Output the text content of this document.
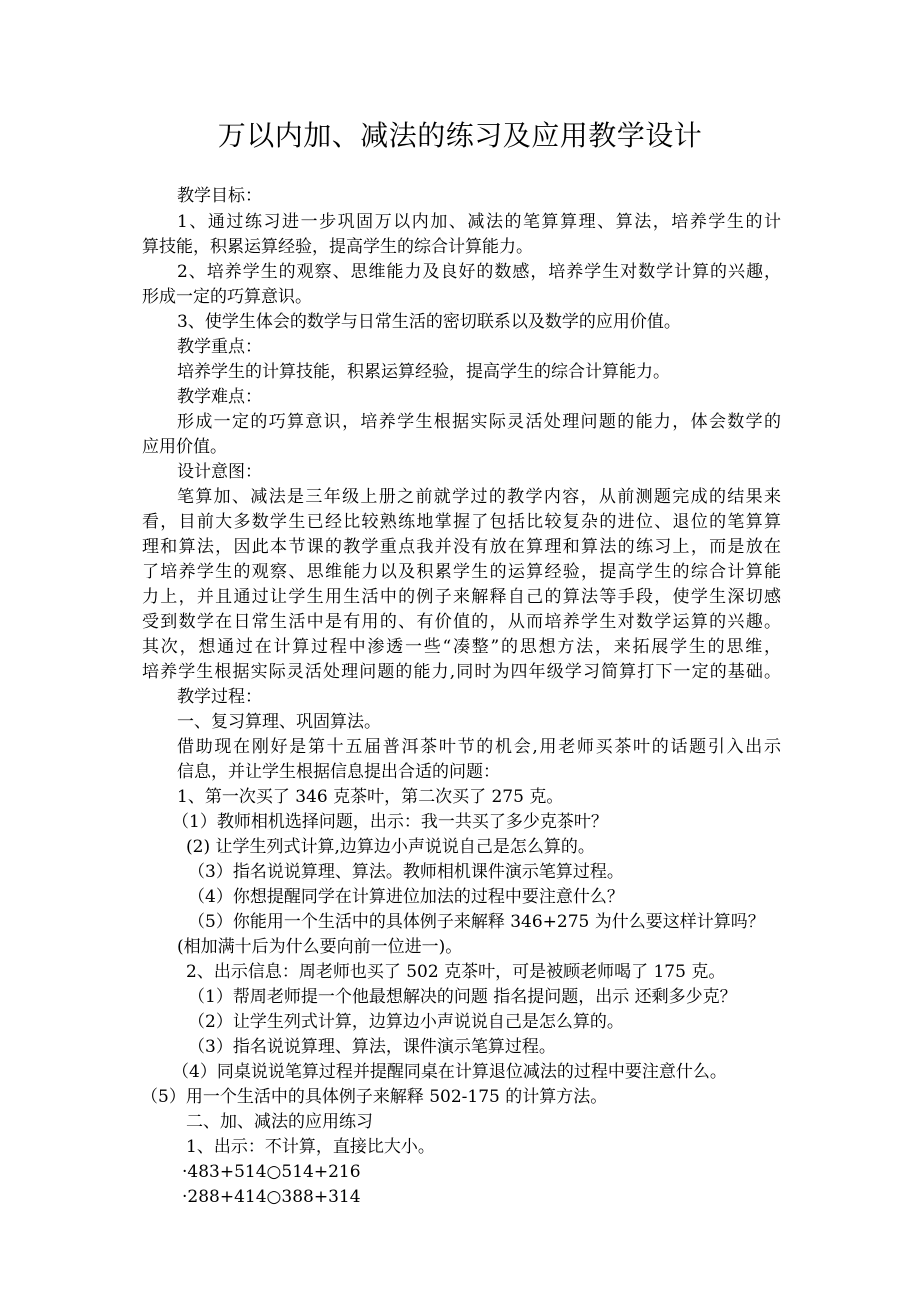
万以内加、减法的练习及应用教学设计
教学目标：
1、通过练习进一步巩固万以内加、减法的笔算算理、算法，培养学生的计
算技能，积累运算经验，提高学生的综合计算能力。
2、培养学生的观察、思维能力及良好的数感，培养学生对数学计算的兴趣，
形成一定的巧算意识。
3、使学生体会的数学与日常生活的密切联系以及数学的应用价值。
教学重点：
培养学生的计算技能，积累运算经验，提高学生的综合计算能力。
教学难点：
形成一定的巧算意识，培养学生根据实际灵活处理问题的能力，体会数学的
应用价值。
设计意图：
笔算加、减法是三年级上册之前就学过的教学内容，从前测题完成的结果来
看，目前大多数学生已经比较熟练地掌握了包括比较复杂的进位、退位的笔算算
理和算法，因此本节课的教学重点我并没有放在算理和算法的练习上，而是放在
了培养学生的观察、思维能力以及积累学生的运算经验，提高学生的综合计算能
力上，并且通过让学生用生活中的例子来解释自己的算法等手段，使学生深切感
受到数学在日常生活中是有用的、有价值的，从而培养学生对数学运算的兴趣。
其次，想通过在计算过程中渗透一些“凑整”的思想方法，来拓展学生的思维，
培养学生根据实际灵活处理问题的能力,同时为四年级学习简算打下一定的基础。
教学过程：
一、复习算理、巩固算法。
借助现在刚好是第十五届普洱茶叶节的机会,用老师买茶叶的话题引入出示
信息，并让学生根据信息提出合适的问题：
1、第一次买了 346 克茶叶，第二次买了 275 克。
（1）教师相机选择问题，出示：我一共买了多少克茶叶？
(2) 让学生列式计算,边算边小声说说自己是怎么算的。
（3）指名说说算理、算法。教师相机课件演示笔算过程。
（4）你想提醒同学在计算进位加法的过程中要注意什么？
（5）你能用一个生活中的具体例子来解释 346+275 为什么要这样计算吗？
(相加满十后为什么要向前一位进一)。
2、出示信息：周老师也买了 502 克茶叶，可是被顾老师喝了 175 克。
（1）帮周老师提一个他最想解决的问题 指名提问题，出示 还剩多少克？
（2）让学生列式计算，边算边小声说说自己是怎么算的。
（3）指名说说算理、算法，课件演示笔算过程。
（4）同桌说说笔算过程并提醒同桌在计算退位减法的过程中要注意什么。
（5）用一个生活中的具体例子来解释 502-175 的计算方法。
二、加、减法的应用练习
1、出示：不计算，直接比大小。
·483+514○514+216
·288+414○388+314
